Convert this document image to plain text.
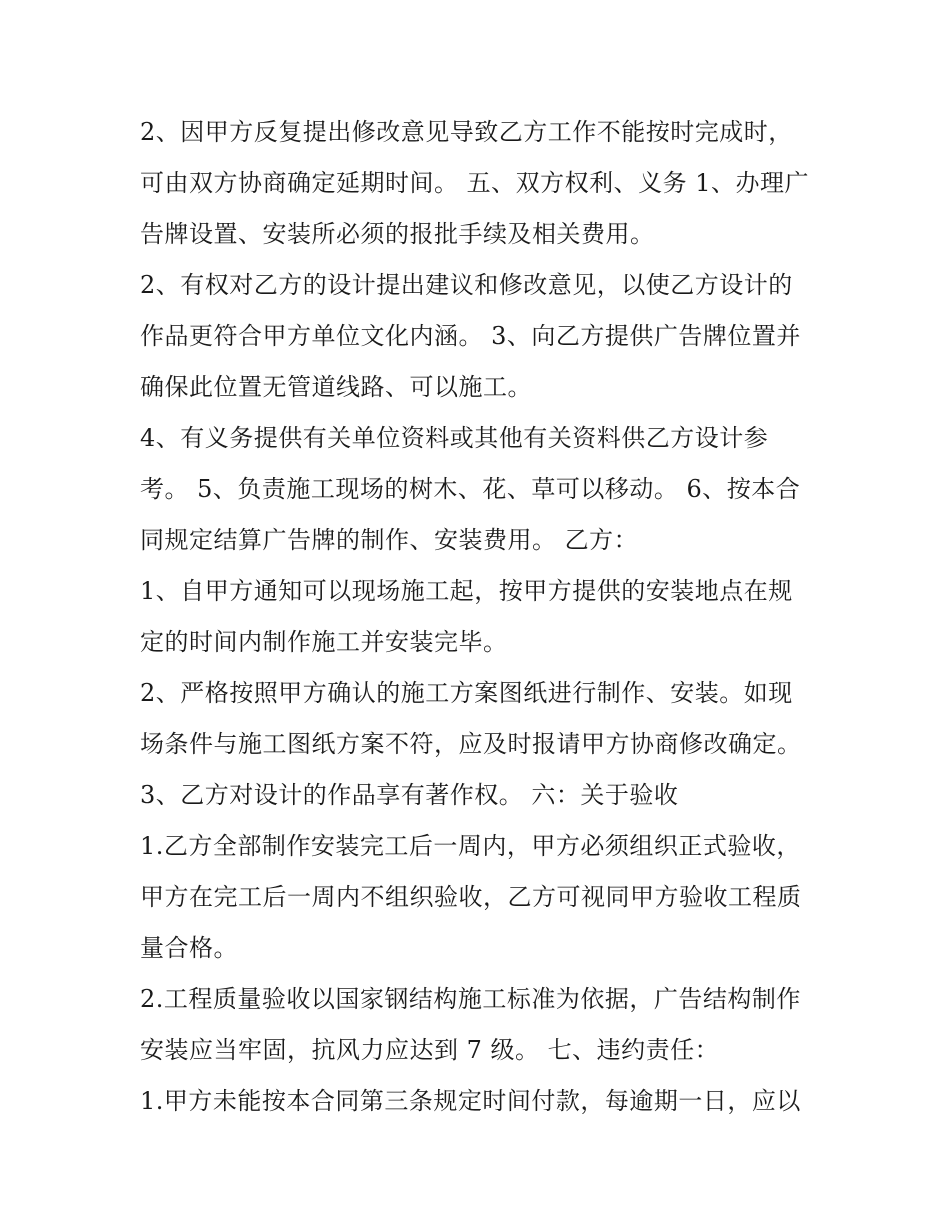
2、因甲方反复提出修改意见导致乙方工作不能按时完成时，
可由双方协商确定延期时间。 五、双方权利、义务 1、办理广
告牌设置、安装所必须的报批手续及相关费用。

2、有权对乙方的设计提出建议和修改意见，以使乙方设计的
作品更符合甲方单位文化内涵。 3、向乙方提供广告牌位置并
确保此位置无管道线路、可以施工。

4、有义务提供有关单位资料或其他有关资料供乙方设计参
考。 5、负责施工现场的树木、花、草可以移动。 6、按本合
同规定结算广告牌的制作、安装费用。 乙方：

1、自甲方通知可以现场施工起，按甲方提供的安装地点在规
定的时间内制作施工并安装完毕。

2、严格按照甲方确认的施工方案图纸进行制作、安装。如现
场条件与施工图纸方案不符，应及时报请甲方协商修改确定。

3、乙方对设计的作品享有著作权。 六：关于验收

1.乙方全部制作安装完工后一周内，甲方必须组织正式验收，
甲方在完工后一周内不组织验收，乙方可视同甲方验收工程质
量合格。

2.工程质量验收以国家钢结构施工标准为依据，广告结构制作
安装应当牢固，抗风力应达到 7 级。 七、违约责任：

1.甲方未能按本合同第三条规定时间付款，每逾期一日，应以
